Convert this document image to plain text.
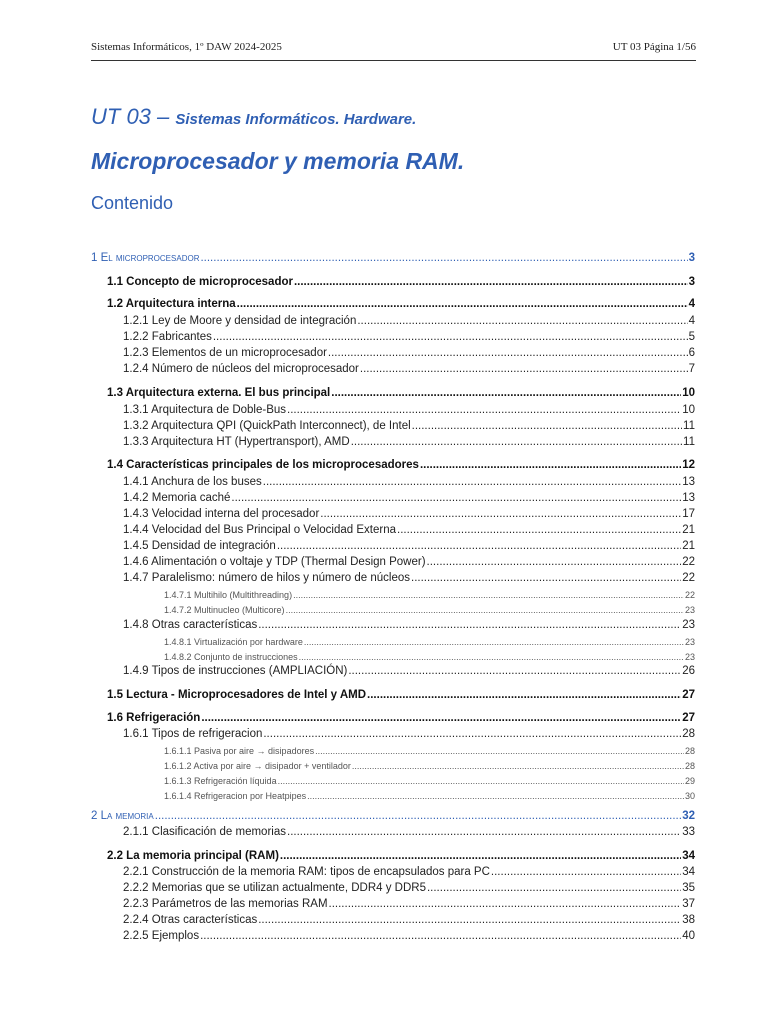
Sistemas Informáticos, 1º DAW 2024-2025	UT 03 Página 1/56
UT 03 – Sistemas Informáticos. Hardware.
Microprocesador y memoria RAM.
Contenido
1 El microprocesador .....	3
1.1 Concepto de microprocesador .....	3
1.2 Arquitectura interna .....	4
1.2.1 Ley de Moore y densidad de integración .....	4
1.2.2 Fabricantes .....	5
1.2.3 Elementos de un microprocesador .....	6
1.2.4 Número de núcleos del microprocesador .....	7
1.3 Arquitectura externa. El bus principal .....	10
1.3.1 Arquitectura de Doble-Bus .....	10
1.3.2 Arquitectura QPI (QuickPath Interconnect), de Intel .....	11
1.3.3 Arquitectura HT (Hypertransport), AMD .....	11
1.4 Características principales de los microprocesadores .....	12
1.4.1 Anchura de los buses .....	13
1.4.2 Memoria caché .....	13
1.4.3 Velocidad interna del procesador .....	17
1.4.4 Velocidad del Bus Principal o Velocidad Externa .....	21
1.4.5 Densidad de integración .....	21
1.4.6 Alimentación o voltaje y TDP (Thermal Design Power) .....	22
1.4.7 Paralelismo: número de hilos y número de núcleos .....	22
1.4.7.1 Multihilo (Multithreading) .....	22
1.4.7.2 Multinucleo (Multicore) .....	23
1.4.8 Otras características .....	23
1.4.8.1 Virtualización por hardware .....	23
1.4.8.2 Conjunto de instrucciones .....	23
1.4.9 Tipos de instrucciones (AMPLIACIÓN) .....	26
1.5 Lectura - Microprocesadores de Intel y AMD .....	27
1.6 Refrigeración .....	27
1.6.1 Tipos de refrigeracion .....	28
1.6.1.1 Pasiva por aire → disipadores .....	28
1.6.1.2 Activa por aire → disipador + ventilador .....	28
1.6.1.3 Refrigeración líquida .....	29
1.6.1.4 Refrigeracion por Heatpipes .....	30
2 La memoria .....	32
2.1.1 Clasificación de memorias .....	33
2.2 La memoria principal (RAM) .....	34
2.2.1 Construcción de la memoria RAM: tipos de encapsulados para PC .....	34
2.2.2 Memorias que se utilizan actualmente, DDR4 y DDR5 .....	35
2.2.3 Parámetros de las memorias RAM .....	37
2.2.4 Otras características .....	38
2.2.5 Ejemplos .....	40
